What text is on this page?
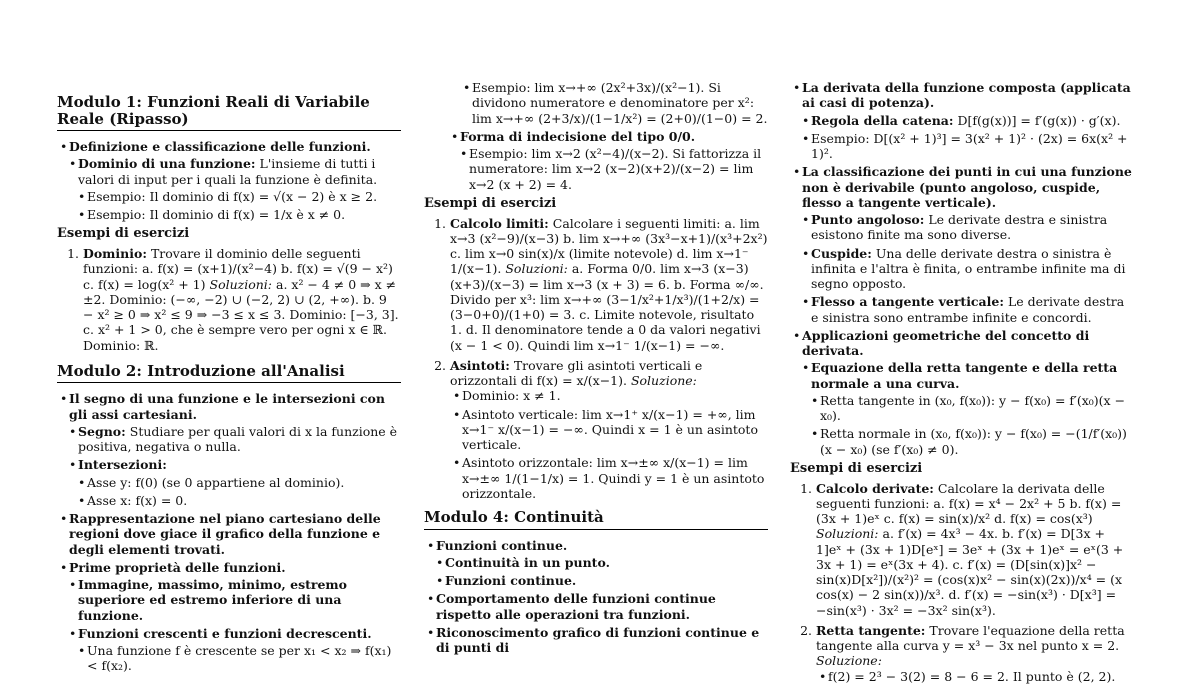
Modulo 1: Funzioni Reali di Variabile Reale (Ripasso)
• Definizione e classificazione delle funzioni.
• Dominio di una funzione: L'insieme di tutti i valori di input per i quali la funzione è definita.
• Esempio: Il dominio di f(x) = √(x − 2) è x ≥ 2.
• Esempio: Il dominio di f(x) = 1/x è x ≠ 0.
Esempi di esercizi
1. Dominio: Trovare il dominio delle seguenti funzioni: a. f(x) = (x+1)/(x²−4) b. f(x) = √(9 − x²) c. f(x) = log(x² + 1) Soluzioni: a. x² − 4 ≠ 0 ⇒ x ≠ ±2. Dominio: (−∞, −2) ∪ (−2, 2) ∪ (2, +∞). b. 9 − x² ≥ 0 ⇒ x² ≤ 9 ⇒ −3 ≤ x ≤ 3. Dominio: [−3, 3]. c. x² + 1 > 0, che è sempre vero per ogni x ∈ ℝ. Dominio: ℝ.
Modulo 2: Introduzione all'Analisi
• Il segno di una funzione e le intersezioni con gli assi cartesiani.
• Segno: Studiare per quali valori di x la funzione è positiva, negativa o nulla.
• Intersezioni:
• Asse y: f(0) (se 0 appartiene al dominio).
• Asse x: f(x) = 0.
• Rappresentazione nel piano cartesiano delle regioni dove giace il grafico della funzione e degli elementi trovati.
• Prime proprietà delle funzioni.
• Immagine, massimo, minimo, estremo superiore ed estremo inferiore di una funzione.
• Funzioni crescenti e funzioni decrescenti.
• Una funzione f è crescente se per x₁ < x₂ ⇒ f(x₁) < f(x₂).
• Esempio: lim x→+∞ (2x²+3x)/(x²−1). Si dividono numeratore e denominatore per x²: lim x→+∞ (2+3/x)/(1−1/x²) = (2+0)/(1−0) = 2.
• Forma di indecisione del tipo 0/0.
• Esempio: lim x→2 (x²−4)/(x−2). Si fattorizza il numeratore: lim x→2 (x−2)(x+2)/(x−2) = lim x→2 (x + 2) = 4.
Esempi di esercizi
1. Calcolo limiti: Calcolare i seguenti limiti: a. lim x→3 (x²−9)/(x−3) b. lim x→+∞ (3x³−x+1)/(x³+2x²) c. lim x→0 sin(x)/x (limite notevole) d. lim x→1⁻ 1/(x−1). Soluzioni: a. Forma 0/0. lim x→3 (x−3)(x+3)/(x−3) = lim x→3 (x + 3) = 6. b. Forma ∞/∞. Divido per x³: lim x→+∞ (3−1/x²+1/x³)/(1+2/x) = (3−0+0)/(1+0) = 3. c. Limite notevole, risultato 1. d. Il denominatore tende a 0 da valori negativi (x − 1 < 0). Quindi lim x→1⁻ 1/(x−1) = −∞.
2. Asintoti: Trovare gli asintoti verticali e orizzontali di f(x) = x/(x−1). Soluzione:
• Dominio: x ≠ 1.
• Asintoto verticale: lim x→1⁺ x/(x−1) = +∞, lim x→1⁻ x/(x−1) = −∞. Quindi x = 1 è un asintoto verticale.
• Asintoto orizzontale: lim x→±∞ x/(x−1) = lim x→±∞ 1/(1−1/x) = 1. Quindi y = 1 è un asintoto orizzontale.
Modulo 4: Continuità
• Funzioni continue.
• Continuità in un punto.
• Funzioni continue.
• Comportamento delle funzioni continue rispetto alle operazioni tra funzioni.
• Riconoscimento grafico di funzioni continue e di punti di
• La derivata della funzione composta (applicata ai casi di potenza).
• Regola della catena: D[f(g(x))] = f′(g(x)) · g′(x).
• Esempio: D[(x² + 1)³] = 3(x² + 1)² · (2x) = 6x(x² + 1)².
• La classificazione dei punti in cui una funzione non è derivabile (punto angoloso, cuspide, flesso a tangente verticale).
• Punto angoloso: Le derivate destra e sinistra esistono finite ma sono diverse.
• Cuspide: Una delle derivate destra o sinistra è infinita e l'altra è finita, o entrambe infinite ma di segno opposto.
• Flesso a tangente verticale: Le derivate destra e sinistra sono entrambe infinite e concordi.
• Applicazioni geometriche del concetto di derivata.
• Equazione della retta tangente e della retta normale a una curva.
• Retta tangente in (x₀, f(x₀)): y − f(x₀) = f′(x₀)(x − x₀).
• Retta normale in (x₀, f(x₀)): y − f(x₀) = −(1/f′(x₀))(x − x₀) (se f′(x₀) ≠ 0).
Esempi di esercizi
1. Calcolo derivate: Calcolare la derivata delle seguenti funzioni: a. f(x) = x⁴ − 2x² + 5 b. f(x) = (3x + 1)eˣ c. f(x) = sin(x)/x² d. f(x) = cos(x³) Soluzioni: a. f′(x) = 4x³ − 4x. b. f′(x) = D[3x + 1]eˣ + (3x + 1)D[eˣ] = 3eˣ + (3x + 1)eˣ = eˣ(3 + 3x + 1) = eˣ(3x + 4). c. f′(x) = (D[sin(x)]x² − sin(x)D[x²])/(x²)² = (cos(x)x² − sin(x)(2x))/x⁴ = (x cos(x) − 2 sin(x))/x³. d. f′(x) = −sin(x³) · D[x³] = −sin(x³) · 3x² = −3x² sin(x³).
2. Retta tangente: Trovare l'equazione della retta tangente alla curva y = x³ − 3x nel punto x = 2. Soluzione:
• f(2) = 2³ − 3(2) = 8 − 6 = 2. Il punto è (2, 2).
